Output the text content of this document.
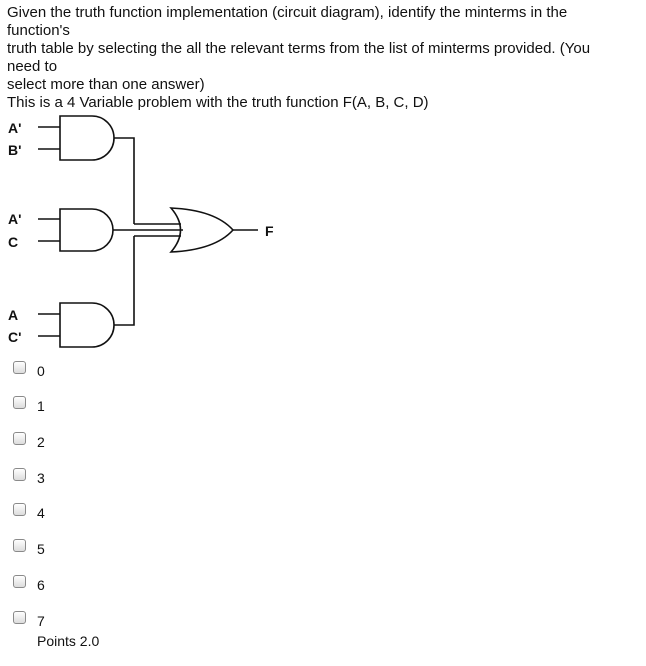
Given the truth function implementation (circuit diagram), identify the minterms in the
function's
truth table by selecting the all the relevant terms from the list of minterms provided. (You
need to
select more than one answer)
This is a 4 Variable problem with the truth function F(A, B, C, D)
A'
B'
A'
C
A
C'
F
0
1
2
3
4
5
6
7
Points 2.0
